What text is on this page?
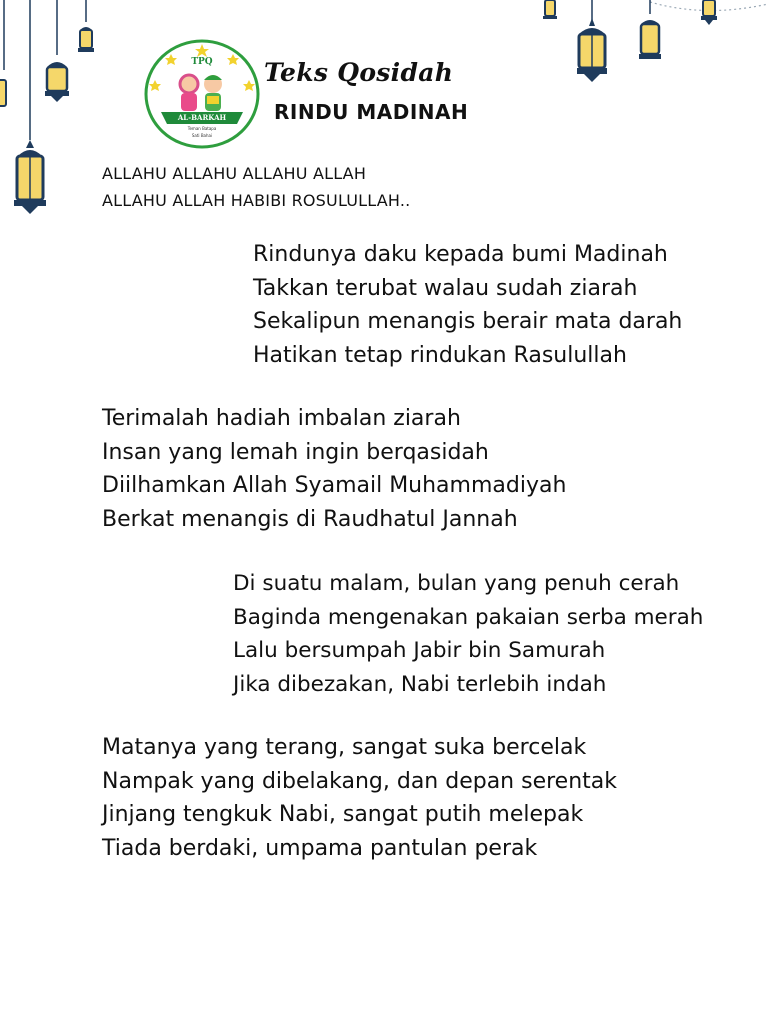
TPQ
AL-BARKAH
Teman Batapa
Sati Bahai
Teks Qosidah
RINDU MADINAH
ALLAHU ALLAHU ALLAHU ALLAH
ALLAHU ALLAH HABIBI ROSULULLAH..
Rindunya daku kepada bumi Madinah
Takkan terubat walau sudah ziarah
Sekalipun menangis berair mata darah
Hatikan tetap rindukan Rasulullah
Terimalah hadiah imbalan ziarah
Insan yang lemah ingin berqasidah
Diilhamkan Allah Syamail Muhammadiyah
Berkat menangis di Raudhatul Jannah
Di suatu malam, bulan yang penuh cerah
Baginda mengenakan pakaian serba merah
Lalu bersumpah Jabir bin Samurah
Jika dibezakan, Nabi terlebih indah
Matanya yang terang, sangat suka bercelak
Nampak yang dibelakang, dan depan serentak
Jinjang tengkuk Nabi, sangat putih melepak
Tiada berdaki, umpama pantulan perak
